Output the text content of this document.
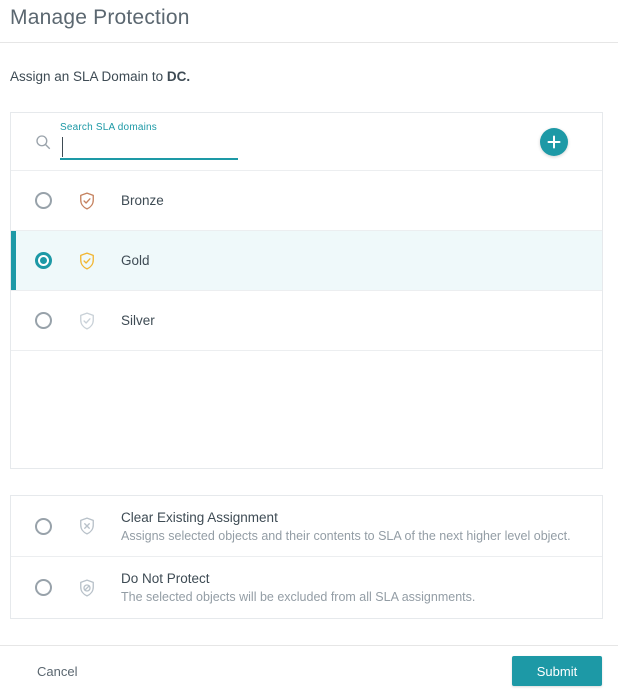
Manage Protection
Assign an SLA Domain to DC.
Search SLA domains
Bronze
Gold
Silver
Clear Existing Assignment
Assigns selected objects and their contents to SLA of the next higher level object.
Do Not Protect
The selected objects will be excluded from all SLA assignments.
Cancel	Submit
